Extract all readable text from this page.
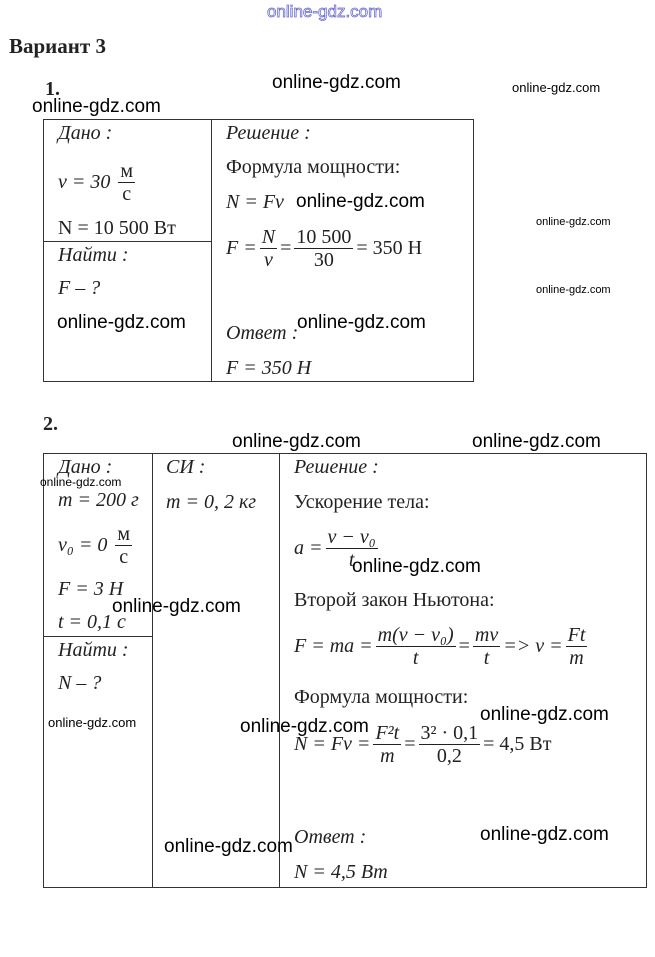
online-gdz.com
Вариант 3
1.
Дано :
$v = 30 \frac{м}{с}$
N = 10 500 Вт
Найти :
F – ?
Решение :
Формула мощности:
N = Fv
$F = \frac{N}{v} = \frac{10 500}{30} = 350$ Н
Ответ :
F = 350 Н
2.
Дано :
m = 200 г
$v_0 = 0 \frac{м}{с}$
F = 3 Н
t = 0,1 с
Найти :
N – ?
СИ :
m = 0, 2 кг
Решение :
Ускорение тела:
$a = \frac{\text{v − v₀}}{t}$
Второй закон Ньютона:
F = ma = $\frac{\text{m(v − v₀)}}{t} = \frac{mv}{t} => v = \frac{Ft}{m}$
Формула мощности:
$N = Fv = \frac{\text{F²t}}{m} = \frac{\text{3² · 0,1}}{0,2} = 4,5$ Вт
Ответ :
N = 4,5 Вт
online-gdz.com
online-gdz.com
online-gdz.com
online-gdz.com
online-gdz.com
online-gdz.com
online-gdz.com	online-gdz.com
online-gdz.com	online-gdz.com
online-gdz.com
online-gdz.com
online-gdz.com
online-gdz.com
online-gdz.com	online-gdz.com
online-gdz.com
online-gdz.com
